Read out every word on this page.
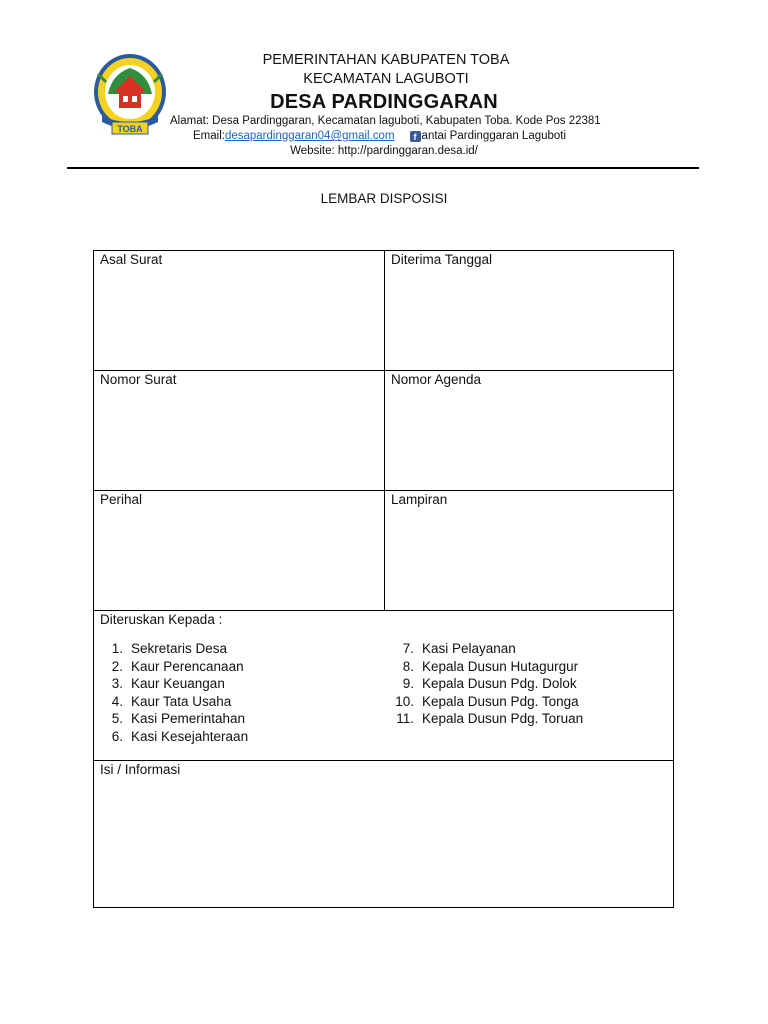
TOBA
PEMERINTAHAN KABUPATEN TOBA
KECAMATAN LAGUBOTI
DESA PARDINGGARAN
Alamat: Desa Pardinggaran, Kecamatan laguboti, Kabupaten Toba. Kode Pos 22381
Email: desapardinggaran04@gmail.com	f antai Pardinggaran Laguboti
Website: http://pardinggaran.desa.id/
LEMBAR DISPOSISI
Asal Surat	Diterima Tanggal
Nomor Surat	Nomor Agenda
Perihal	Lampiran
Diteruskan Kepada :
1. Sekretaris Desa
2. Kaur Perencanaan
3. Kaur Keuangan
4. Kaur Tata Usaha
5. Kasi Pemerintahan
6. Kasi Kesejahteraan
7. Kasi Pelayanan
8. Kepala Dusun Hutagurgur
9. Kepala Dusun Pdg. Dolok
10. Kepala Dusun Pdg. Tonga
11. Kepala Dusun Pdg. Toruan
Isi / Informasi
